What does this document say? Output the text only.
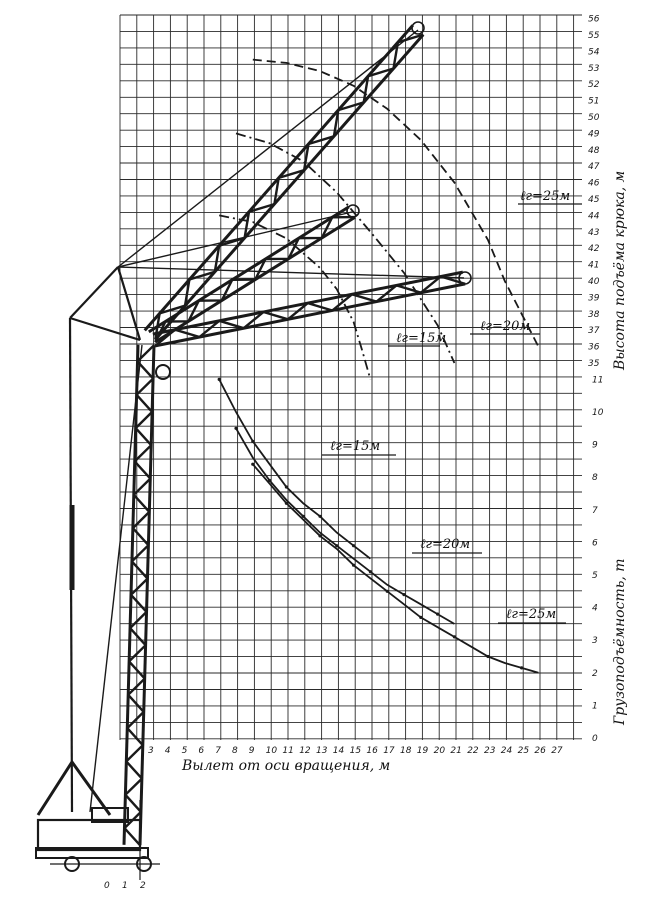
3 4 5 6 7 8 9 10 11 12 13 14 15 16 17 18 19 20 21 22 23 24 25 26 27
35
36
37
38
39
40
41
42
43
44
45
46
47
48
49
50
51
52
53
54
55
56
0
1
2
3
4
5
6
7
8
9
10
11
0 1 2
Вылет от оси вращения, м
Высота подъёма крюка, м
Грузоподъёмность, т
ℓг=25м
ℓг=20м
ℓг=15м
ℓг=15м
ℓг=20м
ℓг=25м
